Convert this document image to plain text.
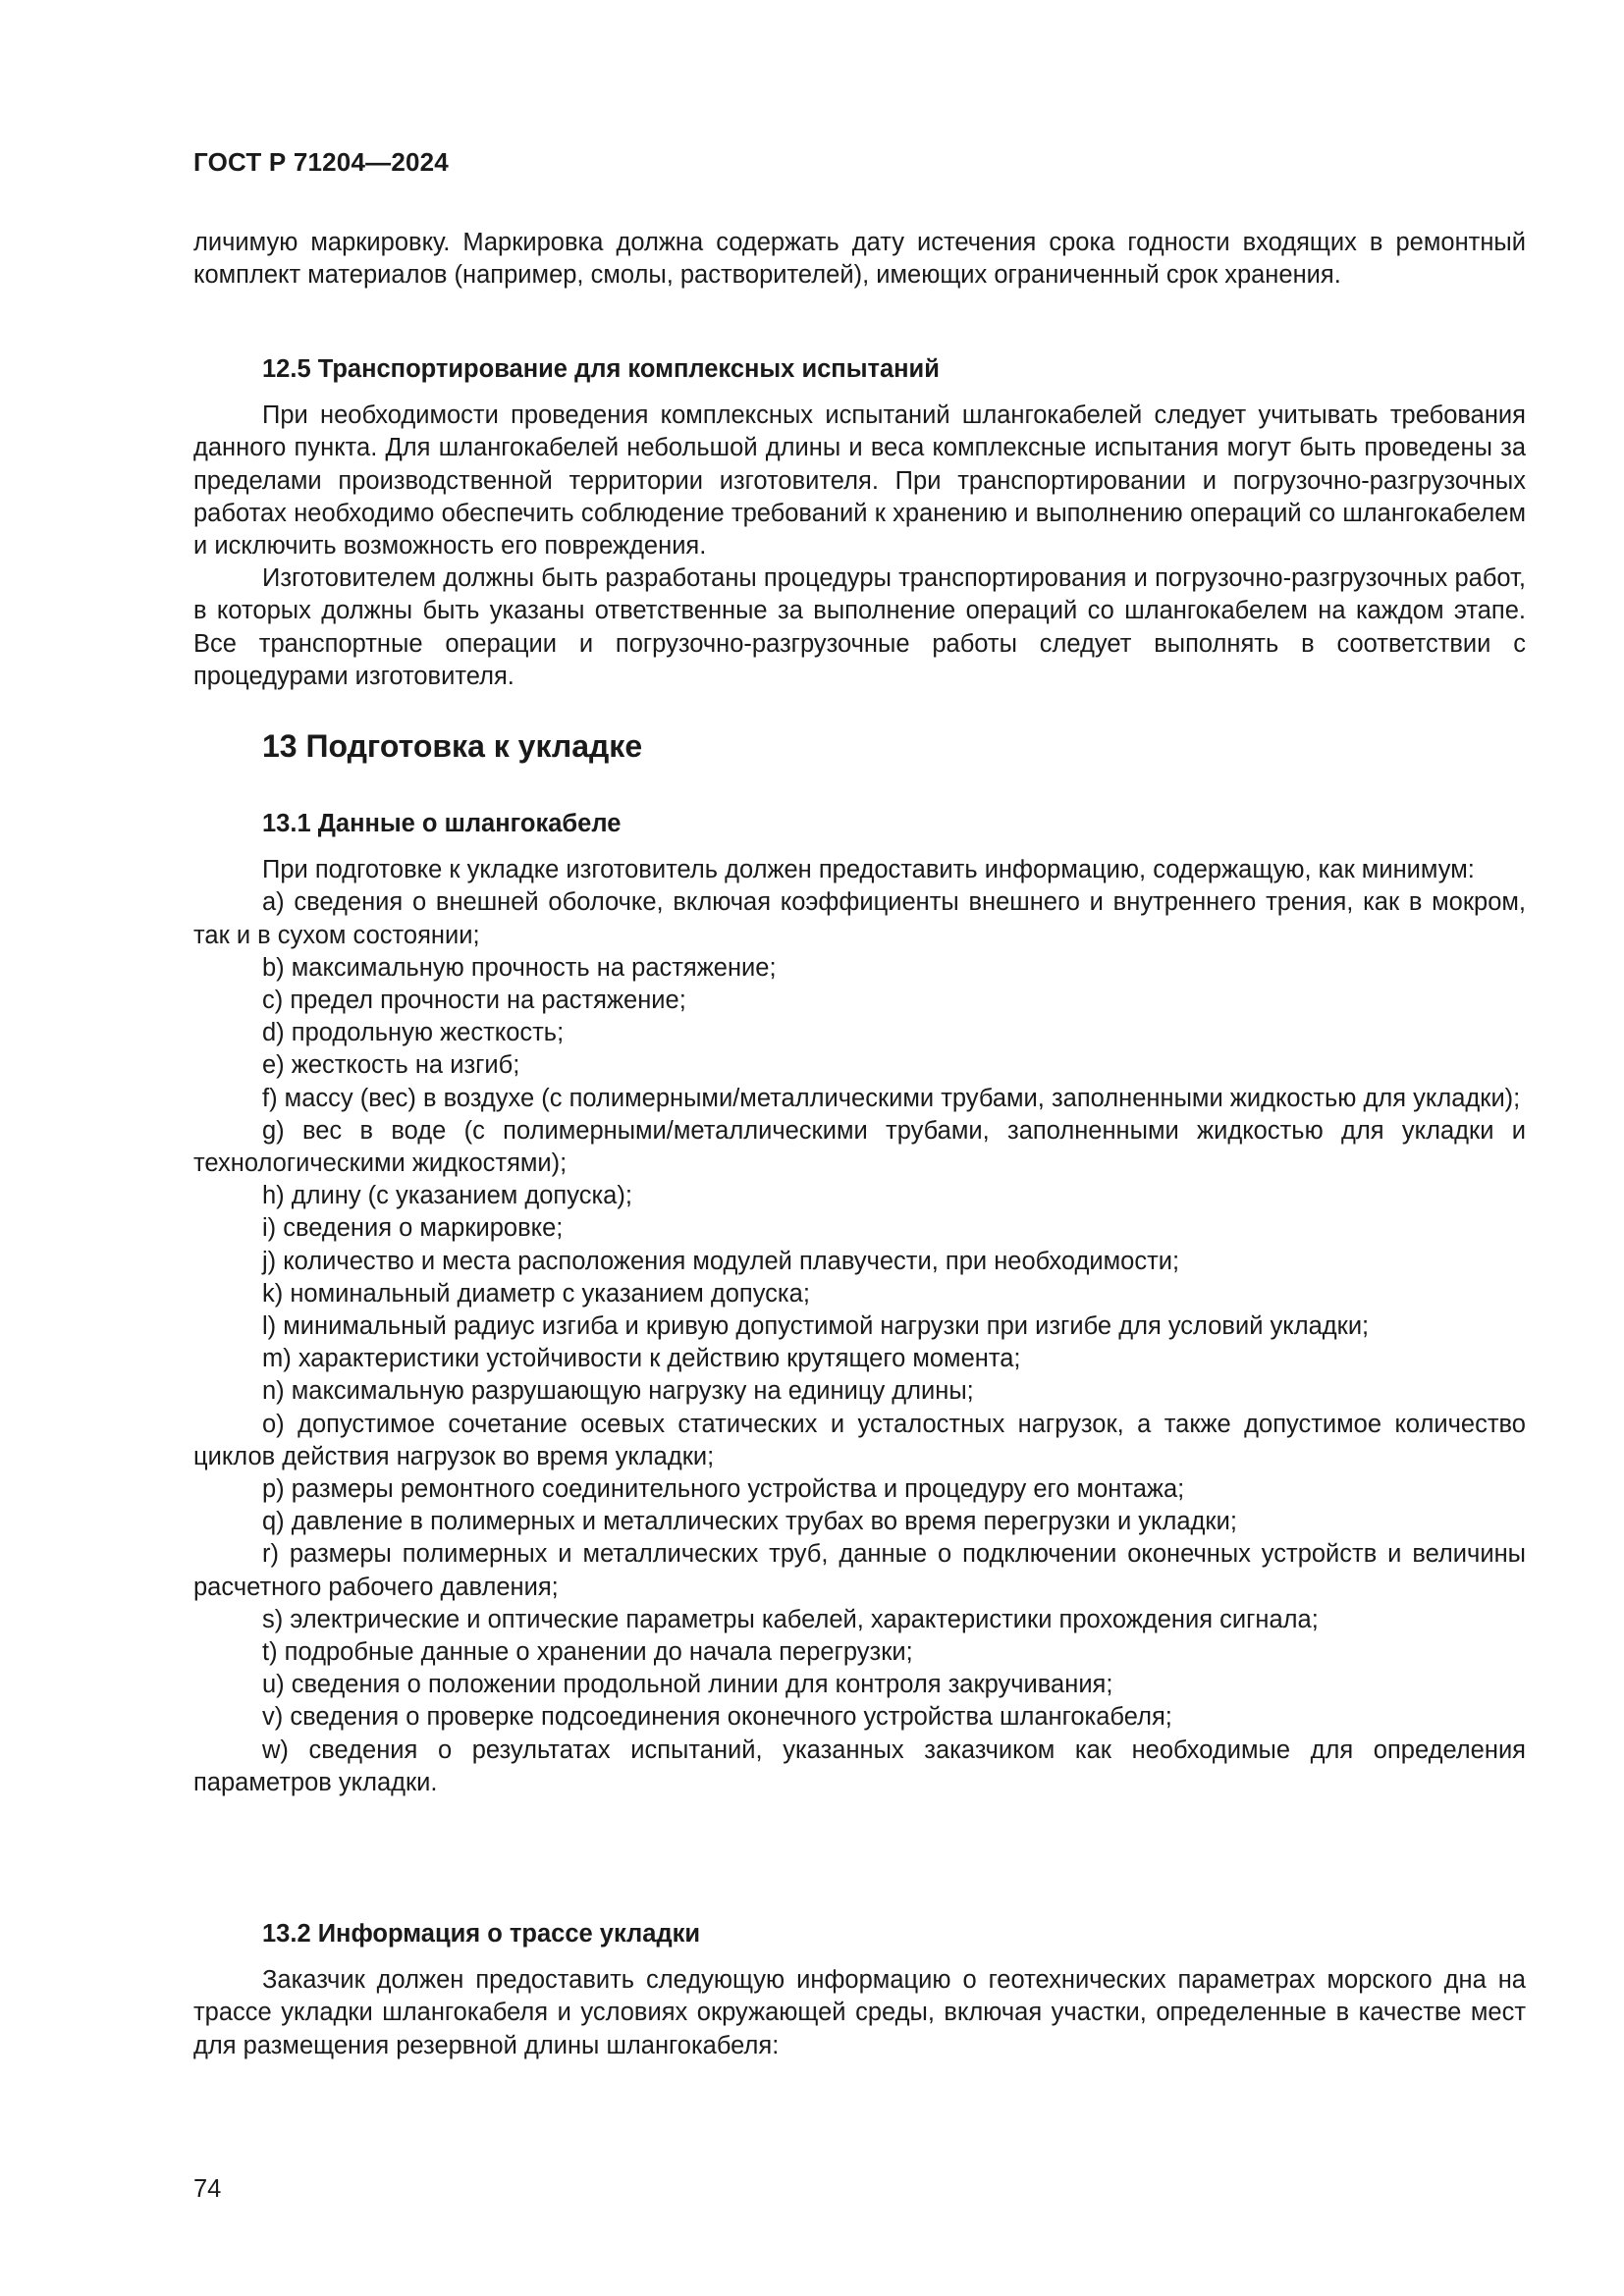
ГОСТ Р 71204—2024

личимую маркировку. Маркировка должна содержать дату истечения срока годности входящих в ремонтный комплект материалов (например, смолы, растворителей), имеющих ограниченный срок хранения.

12.5 Транспортирование для комплексных испытаний

При необходимости проведения комплексных испытаний шлангокабелей следует учитывать требования данного пункта. Для шлангокабелей небольшой длины и веса комплексные испытания могут быть проведены за пределами производственной территории изготовителя. При транспортировании и погрузочно-разгрузочных работах необходимо обеспечить соблюдение требований к хранению и выполнению операций со шлангокабелем и исключить возможность его повреждения.

Изготовителем должны быть разработаны процедуры транспортирования и погрузочно-разгрузочных работ, в которых должны быть указаны ответственные за выполнение операций со шлангокабелем на каждом этапе. Все транспортные операции и погрузочно-разгрузочные работы следует выполнять в соответствии с процедурами изготовителя.

13 Подготовка к укладке
13.1 Данные о шлангокабеле

При подготовке к укладке изготовитель должен предоставить информацию, содержащую, как минимум:

a) сведения о внешней оболочке, включая коэффициенты внешнего и внутреннего трения, как в мокром, так и в сухом состоянии;

b) максимальную прочность на растяжение;

c) предел прочности на растяжение;

d) продольную жесткость;

e) жесткость на изгиб;

f) массу (вес) в воздухе (с полимерными/металлическими трубами, заполненными жидкостью для укладки);

g) вес в воде (с полимерными/металлическими трубами, заполненными жидкостью для укладки и технологическими жидкостями);

h) длину (с указанием допуска);

i) сведения о маркировке;

j) количество и места расположения модулей плавучести, при необходимости;

k) номинальный диаметр с указанием допуска;

l) минимальный радиус изгиба и кривую допустимой нагрузки при изгибе для условий укладки;

m) характеристики устойчивости к действию крутящего момента;

n) максимальную разрушающую нагрузку на единицу длины;

o) допустимое сочетание осевых статических и усталостных нагрузок, а также допустимое количество циклов действия нагрузок во время укладки;

p) размеры ремонтного соединительного устройства и процедуру его монтажа;

q) давление в полимерных и металлических трубах во время перегрузки и укладки;

r) размеры полимерных и металлических труб, данные о подключении оконечных устройств и величины расчетного рабочего давления;

s) электрические и оптические параметры кабелей, характеристики прохождения сигнала;

t) подробные данные о хранении до начала перегрузки;

u) сведения о положении продольной линии для контроля закручивания;

v) сведения о проверке подсоединения оконечного устройства шлангокабеля;

w) сведения о результатах испытаний, указанных заказчиком как необходимые для определения параметров укладки.

13.2 Информация о трассе укладки

Заказчик должен предоставить следующую информацию о геотехнических параметрах морского дна на трассе укладки шлангокабеля и условиях окружающей среды, включая участки, определенные в качестве мест для размещения резервной длины шлангокабеля:

74
